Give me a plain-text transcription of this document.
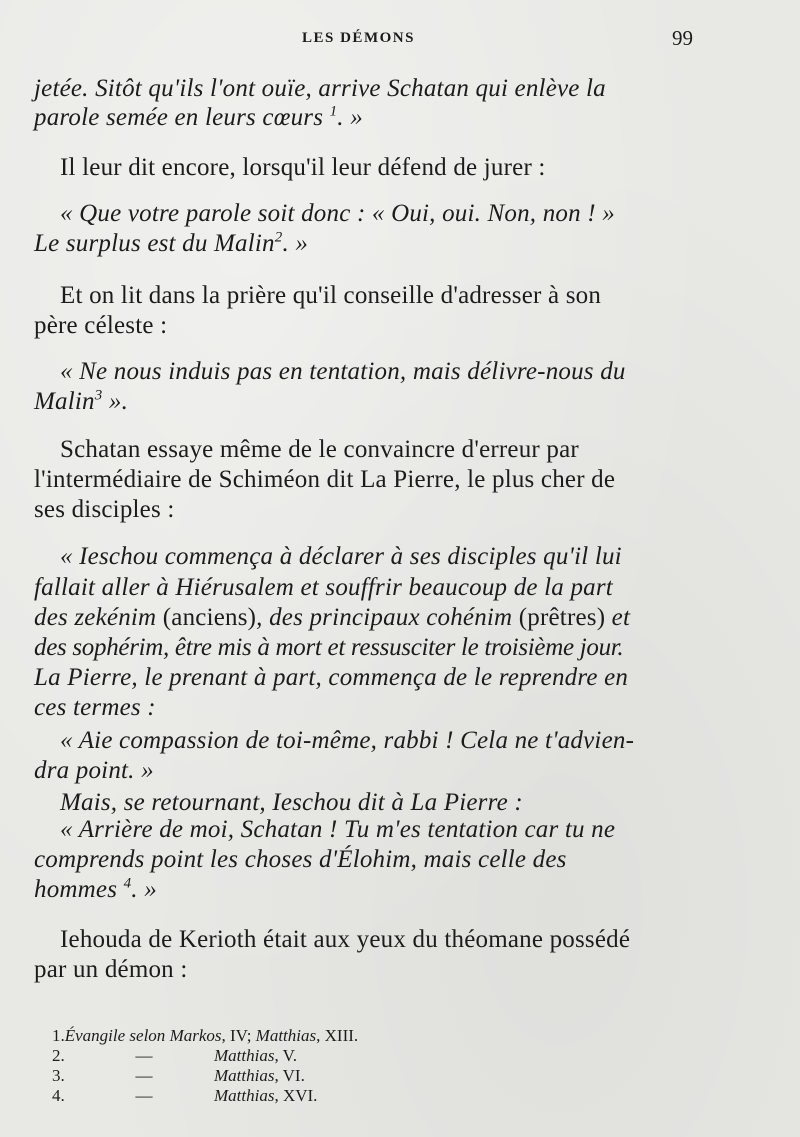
LES DÉMONS	99
jetée. Sitôt qu'ils l'ont ouïe, arrive Schatan qui enlève la
parole semée en leurs cœurs $^1$. »
Il leur dit encore, lorsqu'il leur défend de jurer :
« Que votre parole soit donc : « Oui, oui. Non, non ! »
Le surplus est du Malin$^2$. »
Et on lit dans la prière qu'il conseille d'adresser à son
père céleste :
« Ne nous induis pas en tentation, mais délivre-nous du
Malin$^3$ ».
Schatan essaye même de le convaincre d'erreur par
l'intermédiaire de Schiméon dit La Pierre, le plus cher de
ses disciples :
« Ieschou commença à déclarer à ses disciples qu'il lui
fallait aller à Hiérusalem et souffrir beaucoup de la part
des zekénim (anciens), des principaux cohénim (prêtres) et
des sophérim, être mis à mort et ressusciter le troisième jour.
La Pierre, le prenant à part, commença de le reprendre en
ces termes :
« Aie compassion de toi-même, rabbi ! Cela ne t'advien-
dra point. »
Mais, se retournant, Ieschou dit à La Pierre :
« Arrière de moi, Schatan ! Tu m'es tentation car tu ne
comprends point les choses d'Élohim, mais celle des
hommes $^4$. »
Iehouda de Kerioth était aux yeux du théomane possédé
par un démon :
1.Évangile selon Markos, IV; Matthias, XIII.
2.	—	Matthias, V.
3.	—	Matthias, VI.
4.	—	Matthias, XVI.
